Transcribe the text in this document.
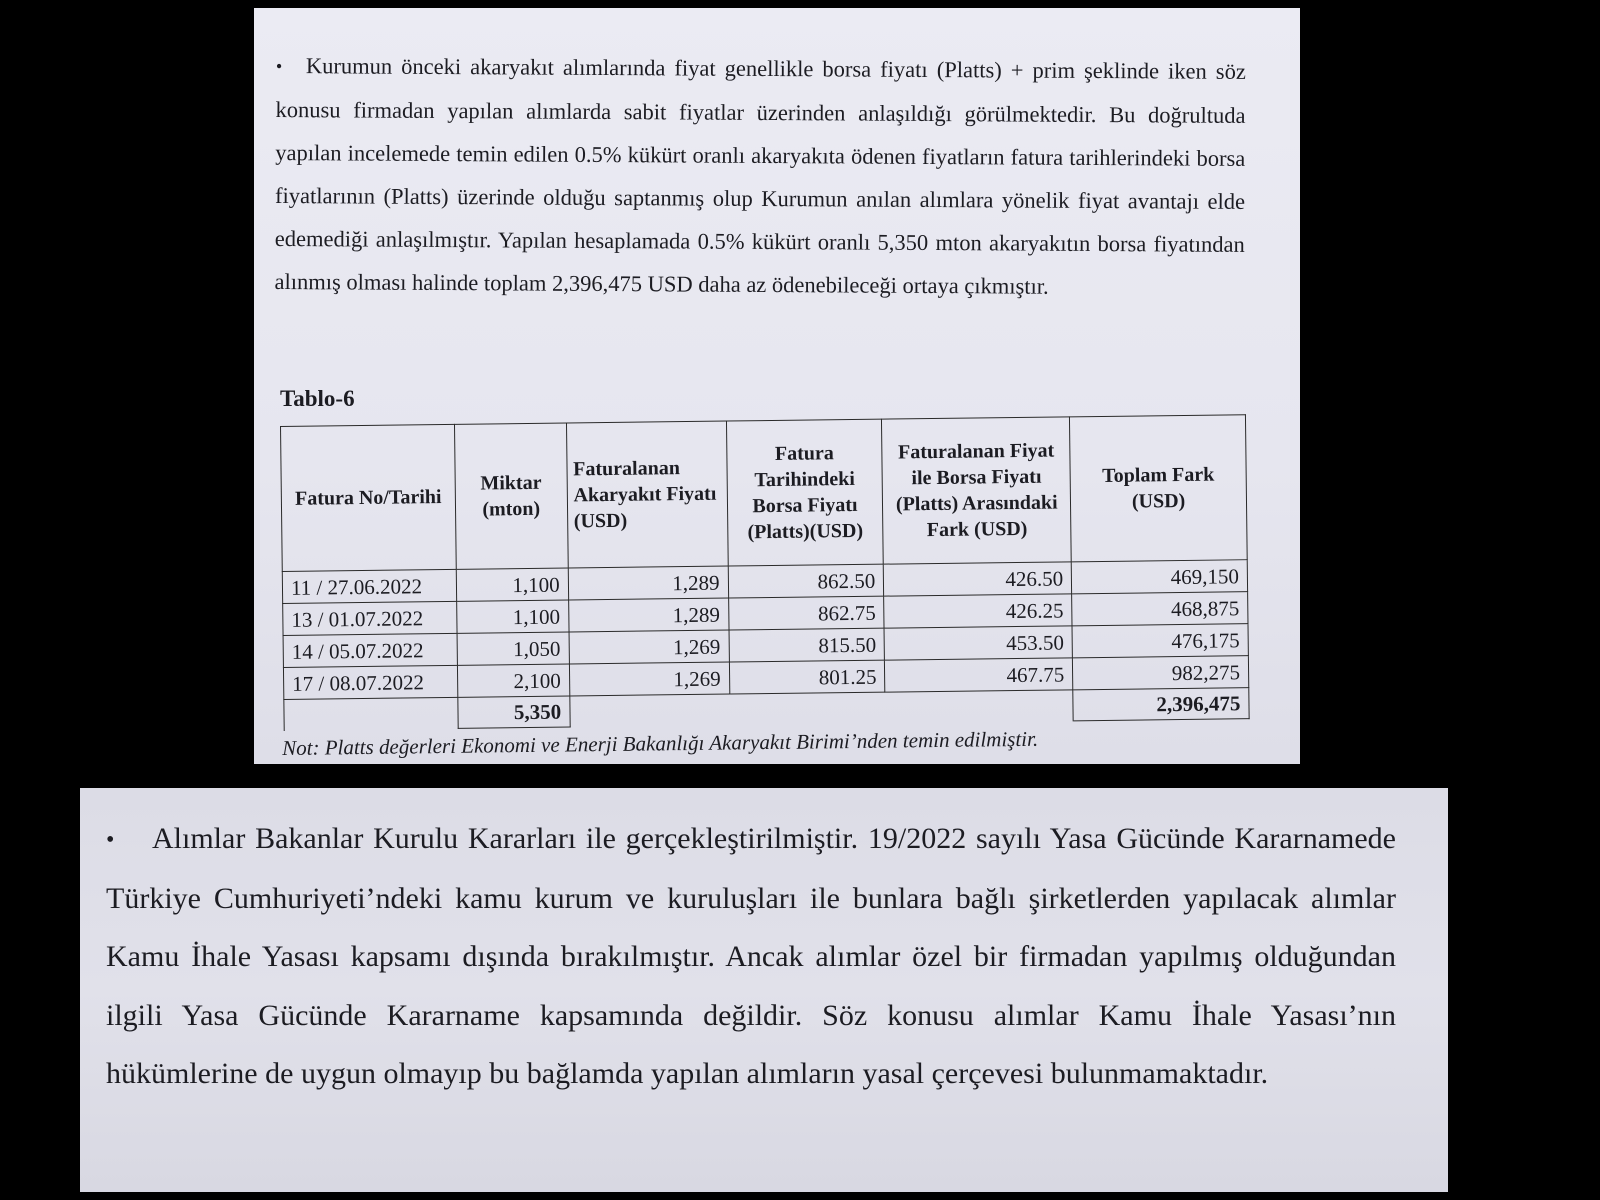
• Kurumun önceki akaryakıt alımlarında fiyat genellikle borsa fiyatı (Platts) + prim şeklinde iken söz konusu firmadan yapılan alımlarda sabit fiyatlar üzerinden anlaşıldığı görülmektedir. Bu doğrultuda yapılan incelemede temin edilen 0.5% kükürt oranlı akaryakıta ödenen fiyatların fatura tarihlerindeki borsa fiyatlarının (Platts) üzerinde olduğu saptanmış olup Kurumun anılan alımlara yönelik fiyat avantajı elde edemediği anlaşılmıştır. Yapılan hesaplamada 0.5% kükürt oranlı 5,350 mton akaryakıtın borsa fiyatından alınmış olması halinde toplam 2,396,475 USD daha az ödenebileceği ortaya çıkmıştır.
Tablo-6
Fatura No/Tarihi	Miktar (mton)	Faturalanan Akaryakıt Fiyatı (USD)	Fatura Tarihindeki Borsa Fiyatı (Platts)(USD)	Faturalanan Fiyat ile Borsa Fiyatı (Platts) Arasındaki Fark (USD)	Toplam Fark (USD)
11 / 27.06.2022	1,100	1,289	862.50	426.50	469,150
13 / 01.07.2022	1,100	1,289	862.75	426.25	468,875
14 / 05.07.2022	1,050	1,269	815.50	453.50	476,175
17 / 08.07.2022	2,100	1,269	801.25	467.75	982,275
	5,350				2,396,475
Not: Platts değerleri Ekonomi ve Enerji Bakanlığı Akaryakıt Birimi’nden temin edilmiştir.
• Alımlar Bakanlar Kurulu Kararları ile gerçekleştirilmiştir. 19/2022 sayılı Yasa Gücünde Kararnamede Türkiye Cumhuriyeti’ndeki kamu kurum ve kuruluşları ile bunlara bağlı şirketlerden yapılacak alımlar Kamu İhale Yasası kapsamı dışında bırakılmıştır. Ancak alımlar özel bir firmadan yapılmış olduğundan ilgili Yasa Gücünde Kararname kapsamında değildir. Söz konusu alımlar Kamu İhale Yasası’nın hükümlerine de uygun olmayıp bu bağlamda yapılan alımların yasal çerçevesi bulunmamaktadır.
